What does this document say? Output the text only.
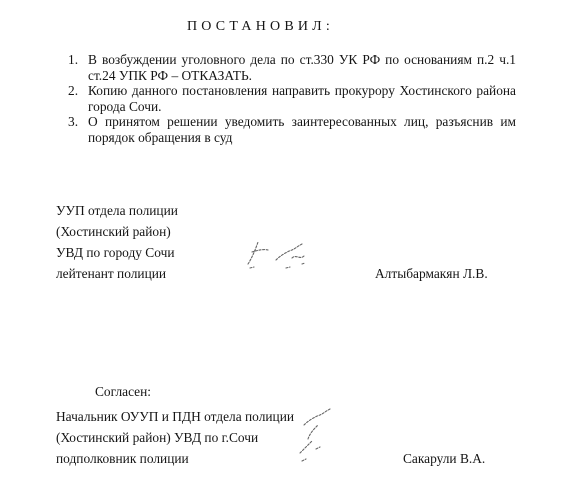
ПОСТАНОВИЛ:
1. В возбуждении уголовного дела по ст.330 УК РФ по основаниям п.2 ч.1 ст.24 УПК РФ – ОТКАЗАТЬ.
2. Копию данного постановления направить прокурору Хостинского района города Сочи.
3. О принятом решении уведомить заинтересованных лиц, разъяснив им порядок обращения в суд
УУП отдела полиции
(Хостинский район)
УВД по городу Сочи
лейтенант полиции	Алтыбармакян Л.В.
Согласен:
Начальник ОУУП и ПДН отдела полиции
(Хостинский район) УВД по г.Сочи
подполковник полиции	Сакарули В.А.
